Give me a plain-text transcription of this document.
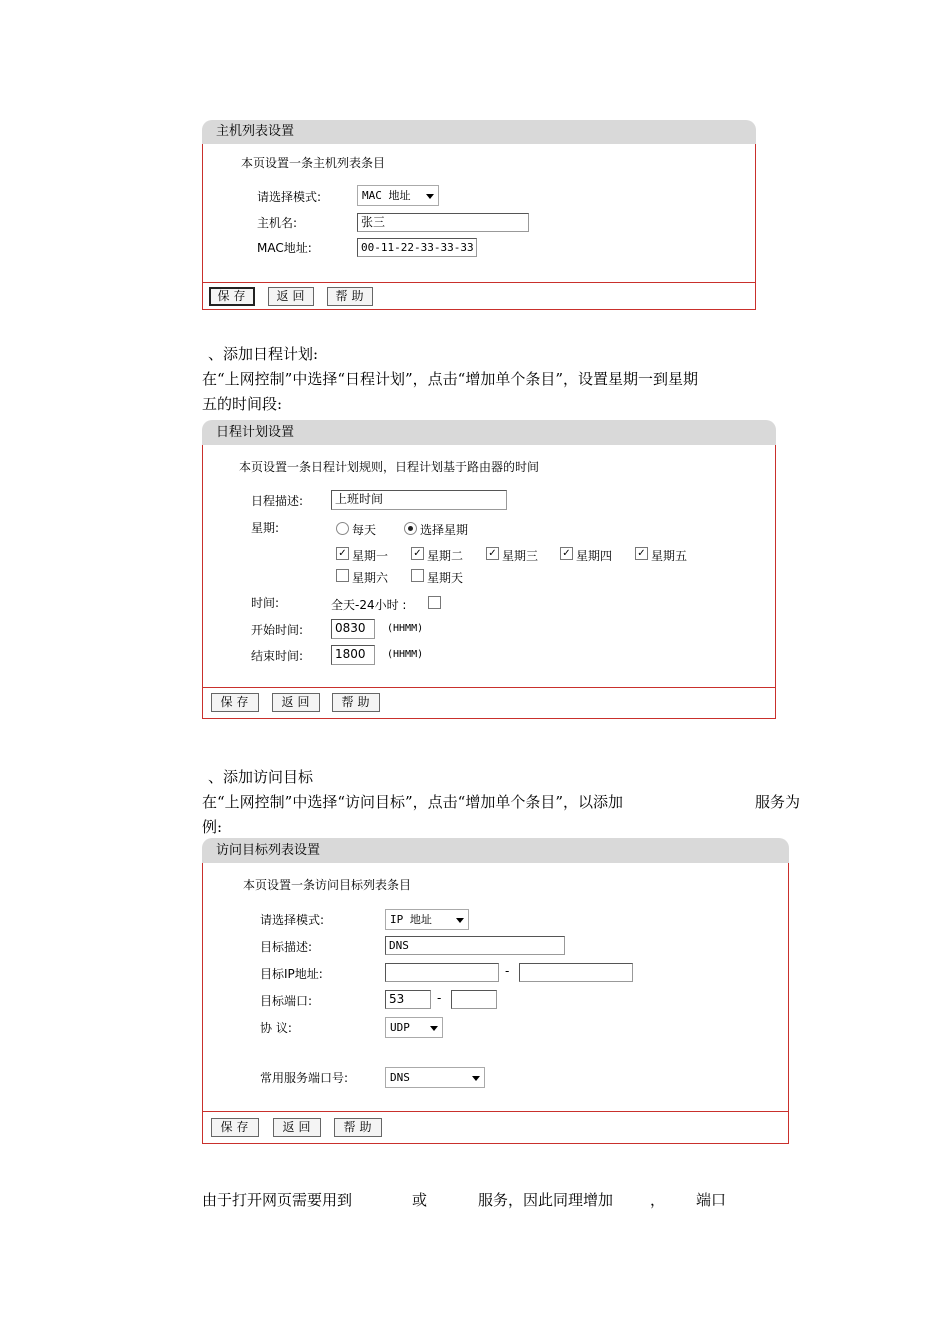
主机列表设置
本页设置一条主机列表条目
请选择模式:	MAC 地址
主机名:	张三
MAC地址:	00-11-22-33-33-33
保存	返回	帮助
、添加日程计划:
在“上网控制”中选择“日程计划”，点击“增加单个条目”，设置星期一到星期
五的时间段:
日程计划设置
本页设置一条日程计划规则，日程计划基于路由器的时间
日程描述:	上班时间
星期:	每天	选择星期
✓ 星期一	✓ 星期二	✓ 星期三 ✓ 星期四	✓ 星期五
星期六	星期天
时间:	全天-24小时 :
开始时间:	0830	(HHMM)
结束时间:	1800	(HHMM)
保存	返回	帮助
、添加访问目标
在“上网控制”中选择“访问目标”，点击“增加单个条目”，以添加	服务为
例:
访问目标列表设置
本页设置一条访问目标列表条目
请选择模式:	IP 地址
目标描述:	DNS
目标IP地址:	-
目标端口:	53	-
协 议:	UDP
常用服务端口号:	DNS
保存	返回	帮助
由于打开网页需要用到	或	服务，因此同理增加 ， 端口
